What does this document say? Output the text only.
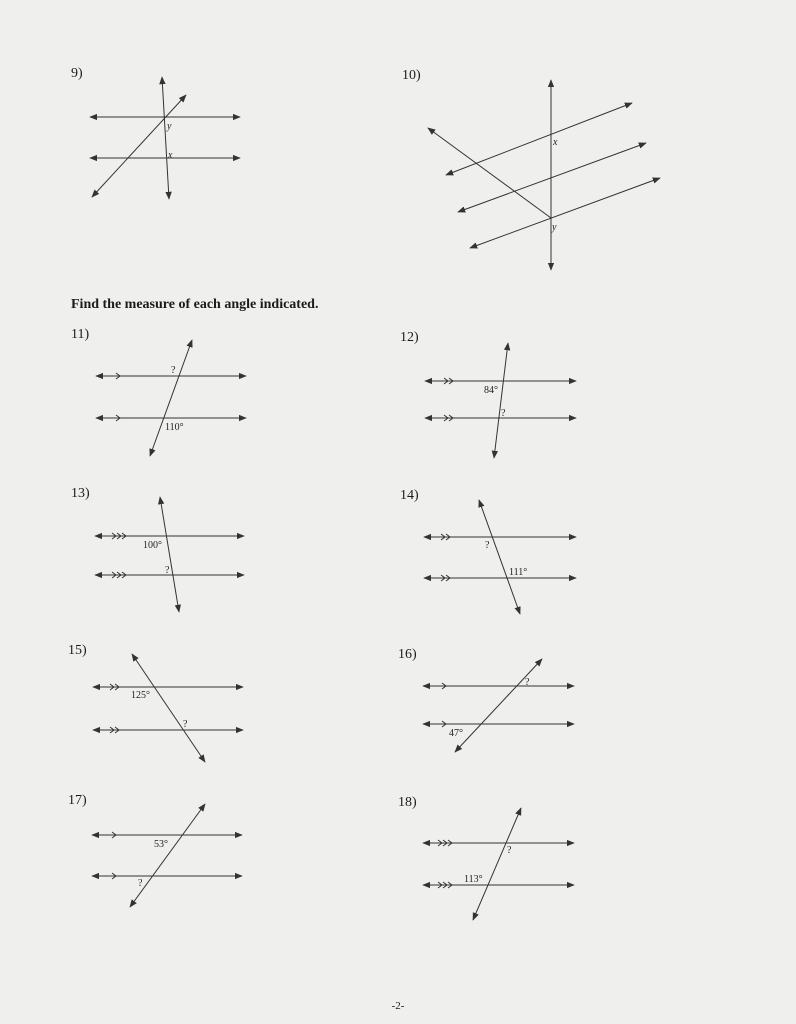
9)	10)
Find the measure of each angle indicated.
11)	12)
13)	14)
15)	16)
17)	18)
y
x
x
y
?
110°
84°
?
100°
?
?
111°
125°
?
?
47°
53°
?
?
113°
-2-
